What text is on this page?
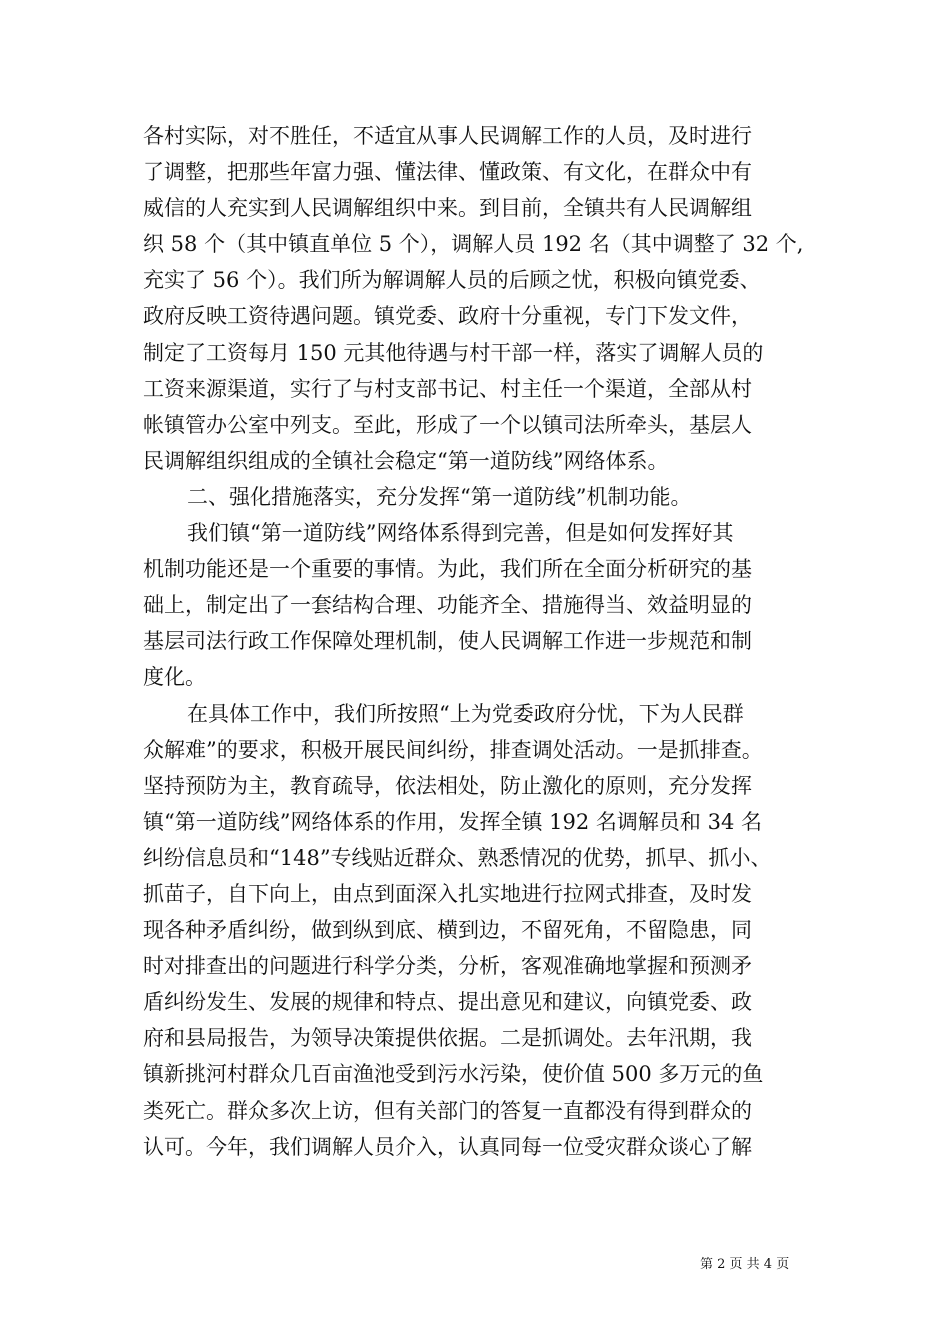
各村实际，对不胜任，不适宜从事人民调解工作的人员，及时进行
了调整，把那些年富力强、懂法律、懂政策、有文化，在群众中有
威信的人充实到人民调解组织中来。到目前，全镇共有人民调解组
织 58 个（其中镇直单位 5 个），调解人员 192 名（其中调整了 32 个,
充实了 56 个）。我们所为解调解人员的后顾之忧，积极向镇党委、
政府反映工资待遇问题。镇党委、政府十分重视，专门下发文件，
制定了工资每月 150 元其他待遇与村干部一样，落实了调解人员的
工资来源渠道，实行了与村支部书记、村主任一个渠道，全部从村
帐镇管办公室中列支。至此，形成了一个以镇司法所牵头，基层人
民调解组织组成的全镇社会稳定“第一道防线”网络体系。
二、强化措施落实，充分发挥“第一道防线”机制功能。
我们镇“第一道防线”网络体系得到完善，但是如何发挥好其
机制功能还是一个重要的事情。为此，我们所在全面分析研究的基
础上，制定出了一套结构合理、功能齐全、措施得当、效益明显的
基层司法行政工作保障处理机制，使人民调解工作进一步规范和制
度化。
在具体工作中，我们所按照“上为党委政府分忧，下为人民群
众解难”的要求，积极开展民间纠纷，排查调处活动。一是抓排查。
坚持预防为主，教育疏导，依法相处，防止激化的原则，充分发挥
镇“第一道防线”网络体系的作用，发挥全镇 192 名调解员和 34 名
纠纷信息员和“148”专线贴近群众、熟悉情况的优势，抓早、抓小、
抓苗子，自下向上，由点到面深入扎实地进行拉网式排查，及时发
现各种矛盾纠纷，做到纵到底、横到边，不留死角，不留隐患，同
时对排查出的问题进行科学分类，分析，客观准确地掌握和预测矛
盾纠纷发生、发展的规律和特点、提出意见和建议，向镇党委、政
府和县局报告，为领导决策提供依据。二是抓调处。去年汛期，我
镇新挑河村群众几百亩渔池受到污水污染，使价值 500 多万元的鱼
类死亡。群众多次上访，但有关部门的答复一直都没有得到群众的
认可。今年，我们调解人员介入，认真同每一位受灾群众谈心了解
第 2 页 共 4 页
